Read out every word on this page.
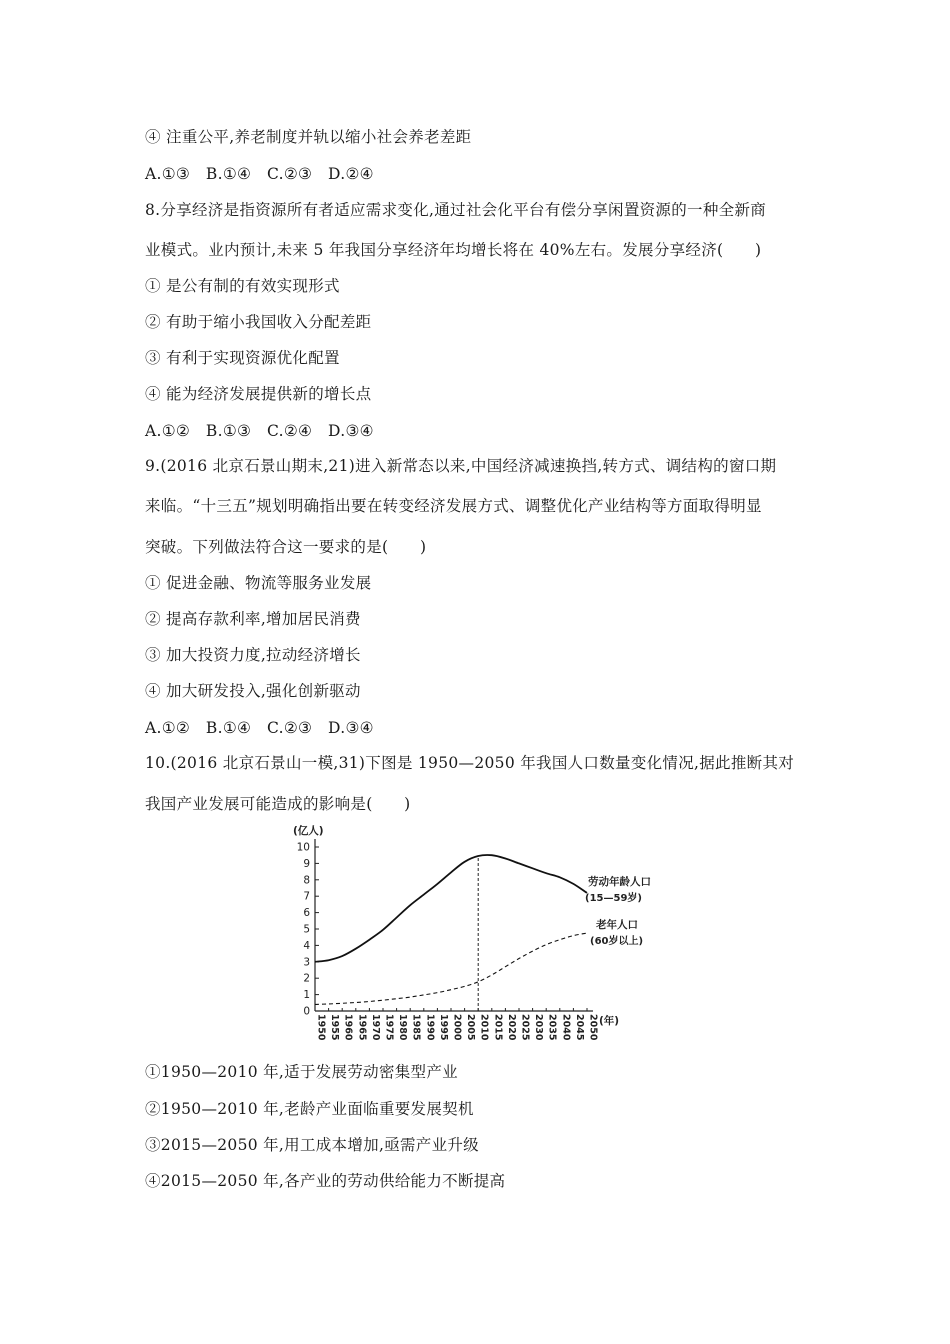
④ 注重公平,养老制度并轨以缩小社会养老差距
A.①③　B.①④　C.②③　D.②④
8.分享经济是指资源所有者适应需求变化,通过社会化平台有偿分享闲置资源的一种全新商
业模式。业内预计,未来 5 年我国分享经济年均增长将在 40%左右。发展分享经济(　　)
① 是公有制的有效实现形式
② 有助于缩小我国收入分配差距
③ 有利于实现资源优化配置
④ 能为经济发展提供新的增长点
A.①②　B.①③　C.②④　D.③④
9.(2016 北京石景山期末,21)进入新常态以来,中国经济减速换挡,转方式、调结构的窗口期
来临。“十三五”规划明确指出要在转变经济发展方式、调整优化产业结构等方面取得明显
突破。下列做法符合这一要求的是(　　)
① 促进金融、物流等服务业发展
② 提高存款利率,增加居民消费
③ 加大投资力度,拉动经济增长
④ 加大研发投入,强化创新驱动
A.①②　B.①④　C.②③　D.③④
10.(2016 北京石景山一模,31)下图是 1950—2050 年我国人口数量变化情况,据此推断其对
我国产业发展可能造成的影响是(　　)
0
1
2
3
4
5
6
7
8
9
10
(亿人)
1950 1955 1960 1965 1970 1975 1980 1985 1990 1995 2000 2005 2010 2015 2020 2025 2030 2035 2040 2045 2050 (年)
劳动年龄人口
(15—59岁)
老年人口
(60岁以上)
①1950—2010 年,适于发展劳动密集型产业
②1950—2010 年,老龄产业面临重要发展契机
③2015—2050 年,用工成本增加,亟需产业升级
④2015—2050 年,各产业的劳动供给能力不断提高
